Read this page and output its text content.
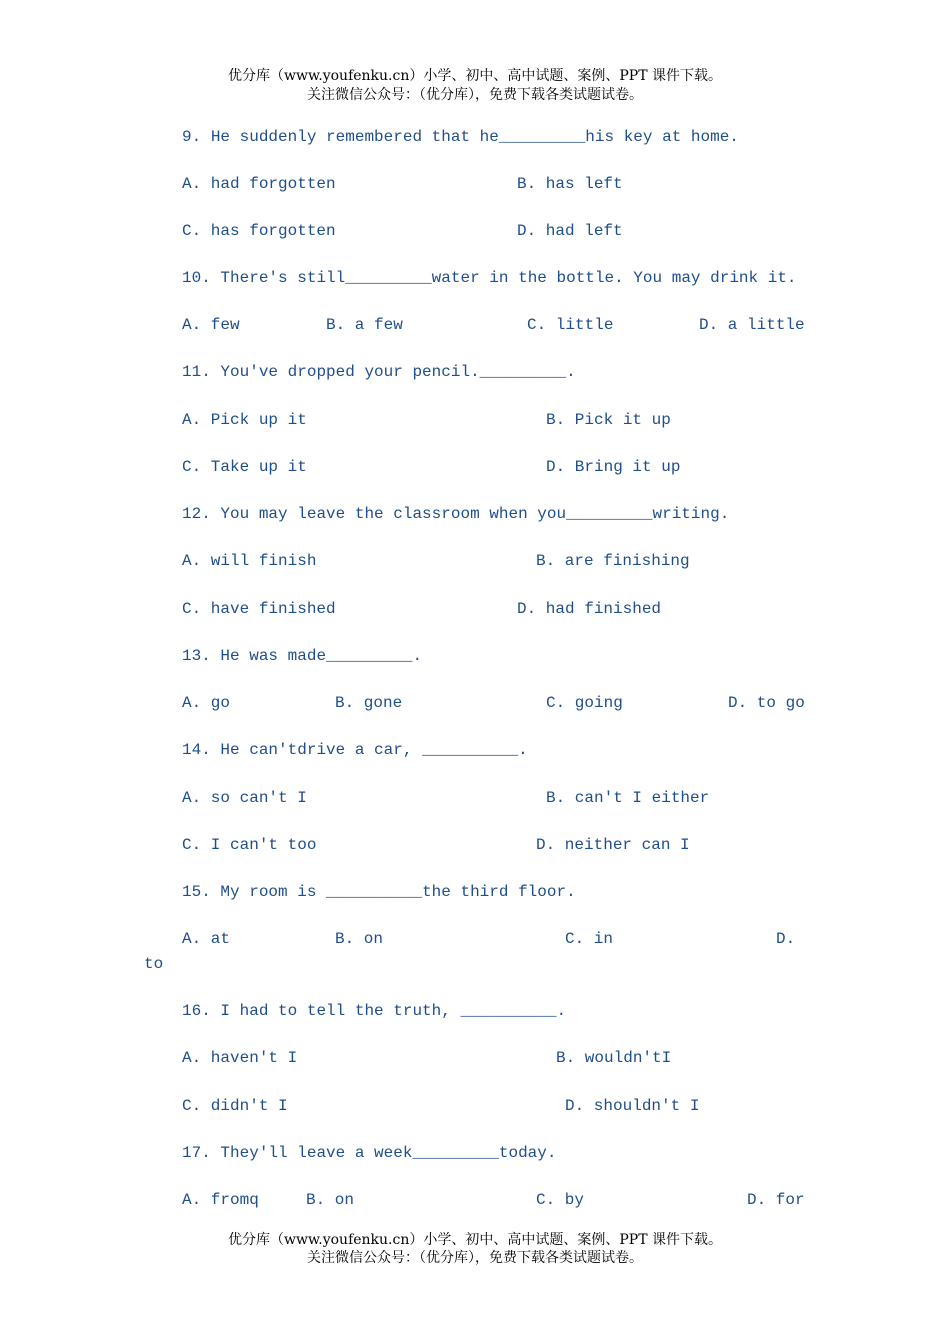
优分库（www.youfenku.cn）小学、初中、高中试题、案例、PPT 课件下载。
关注微信公众号：（优分库），免费下载各类试题试卷。
9. He suddenly remembered that he_________his key at home.
A. had forgotten	B. has left
C. has forgotten	D. had left
10. There's still_________water in the bottle. You may drink it.
A. few	B. a few	C. little	D. a little
11. You've dropped your pencil._________.
A. Pick up it	B. Pick it up
C. Take up it	D. Bring it up
12. You may leave the classroom when you_________writing.
A. will finish	B. are finishing
C. have finished	D. had finished
13. He was made_________.
A. go	B. gone	C. going	D. to go
14. He can'tdrive a car, __________.
A. so can't I	B. can't I either
C. I can't too	D. neither can I
15. My room is __________the third floor.
A. at	B. on	C. in	D.
to
16. I had to tell the truth, __________.
A. haven't I	B. wouldn'tI
C. didn't I	D. shouldn't I
17. They'll leave a week_________today.
A. fromq	B. on	C. by	D. for
优分库（www.youfenku.cn）小学、初中、高中试题、案例、PPT 课件下载。
关注微信公众号：（优分库），免费下载各类试题试卷。
